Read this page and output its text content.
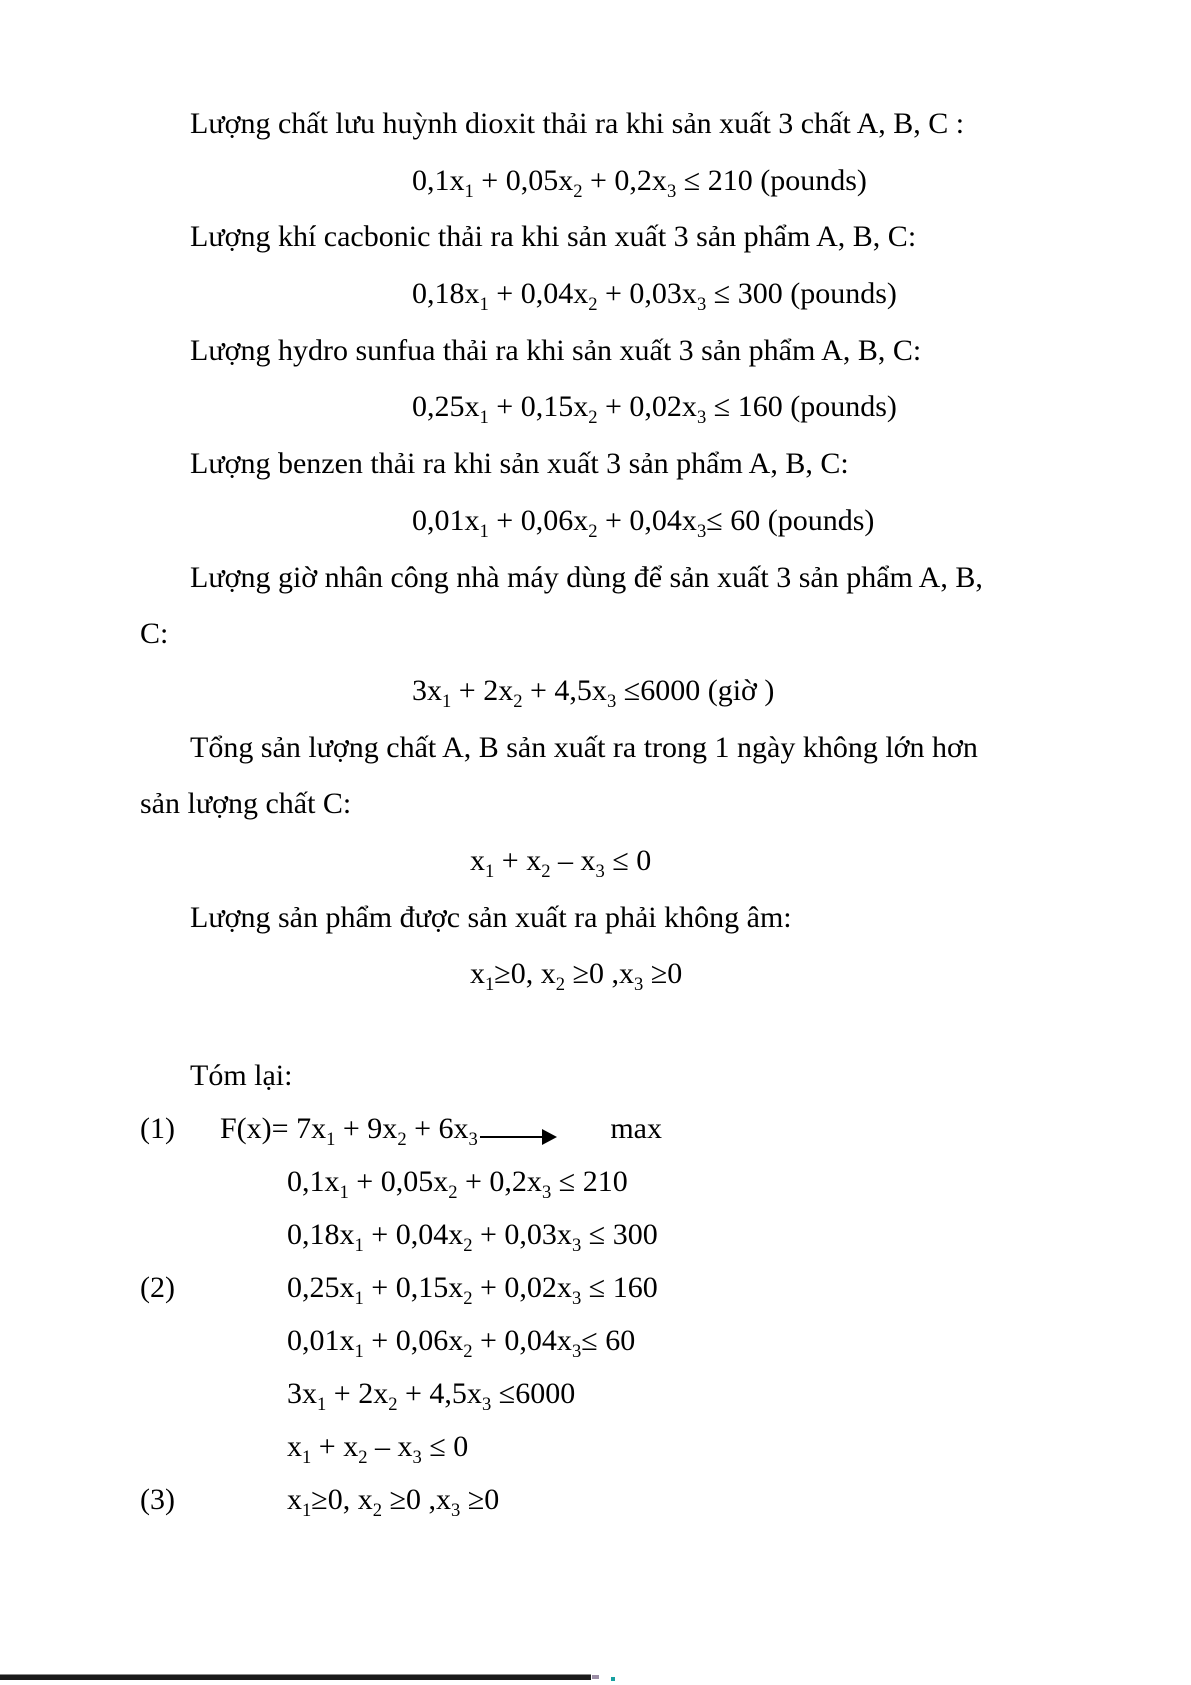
Lượng chất lưu huỳnh dioxit thải ra khi sản xuất 3 chất A, B, C :
$0,1x_1 + 0,05x_2 + 0,2x_3 \le 210$ (pounds)
Lượng khí cacbonic thải ra khi sản xuất 3 sản phẩm A, B, C:
$0,18x_1 + 0,04x_2 + 0,03x_3 \le 300$ (pounds)
Lượng hydro sunfua thải ra khi sản xuất 3 sản phẩm A, B, C:
$0,25x_1 + 0,15x_2 + 0,02x_3 \le 160$ (pounds)
Lượng benzen thải ra khi sản xuất 3 sản phẩm A, B, C:
$0,01x_1 + 0,06x_2 + 0,04x_3\le 60$ (pounds)
Lượng giờ nhân công nhà máy dùng để sản xuất 3 sản phẩm A, B,
C:
$3x_1 + 2x_2 + 4,5x_3 \le 6000$ (giờ )
Tổng sản lượng chất A, B sản xuất ra trong 1 ngày không lớn hơn
sản lượng chất C:
$x_1 + x_2 - x_3 \le 0$
Lượng sản phẩm được sản xuất ra phải không âm:
$x_1\ge 0$, $x_2 \ge 0$ $,x_3 \ge 0$
Tóm lại:
(1) $F(x)= 7x_1 + 9x_2 + 6x_3$	max
$0,1x_1 + 0,05x_2 + 0,2x_3 \le 210$
$0,18x_1 + 0,04x_2 + 0,03x_3 \le 300$
(2)	$0,25x_1 + 0,15x_2 + 0,02x_3 \le 160$
$0,01x_1 + 0,06x_2 + 0,04x_3\le 60$
$3x_1 + 2x_2 + 4,5x_3 \le 6000$
$x_1 + x_2 - x_3 \le 0$
(3)	$x_1\ge 0$, $x_2 \ge 0$ $,x_3 \ge 0$
